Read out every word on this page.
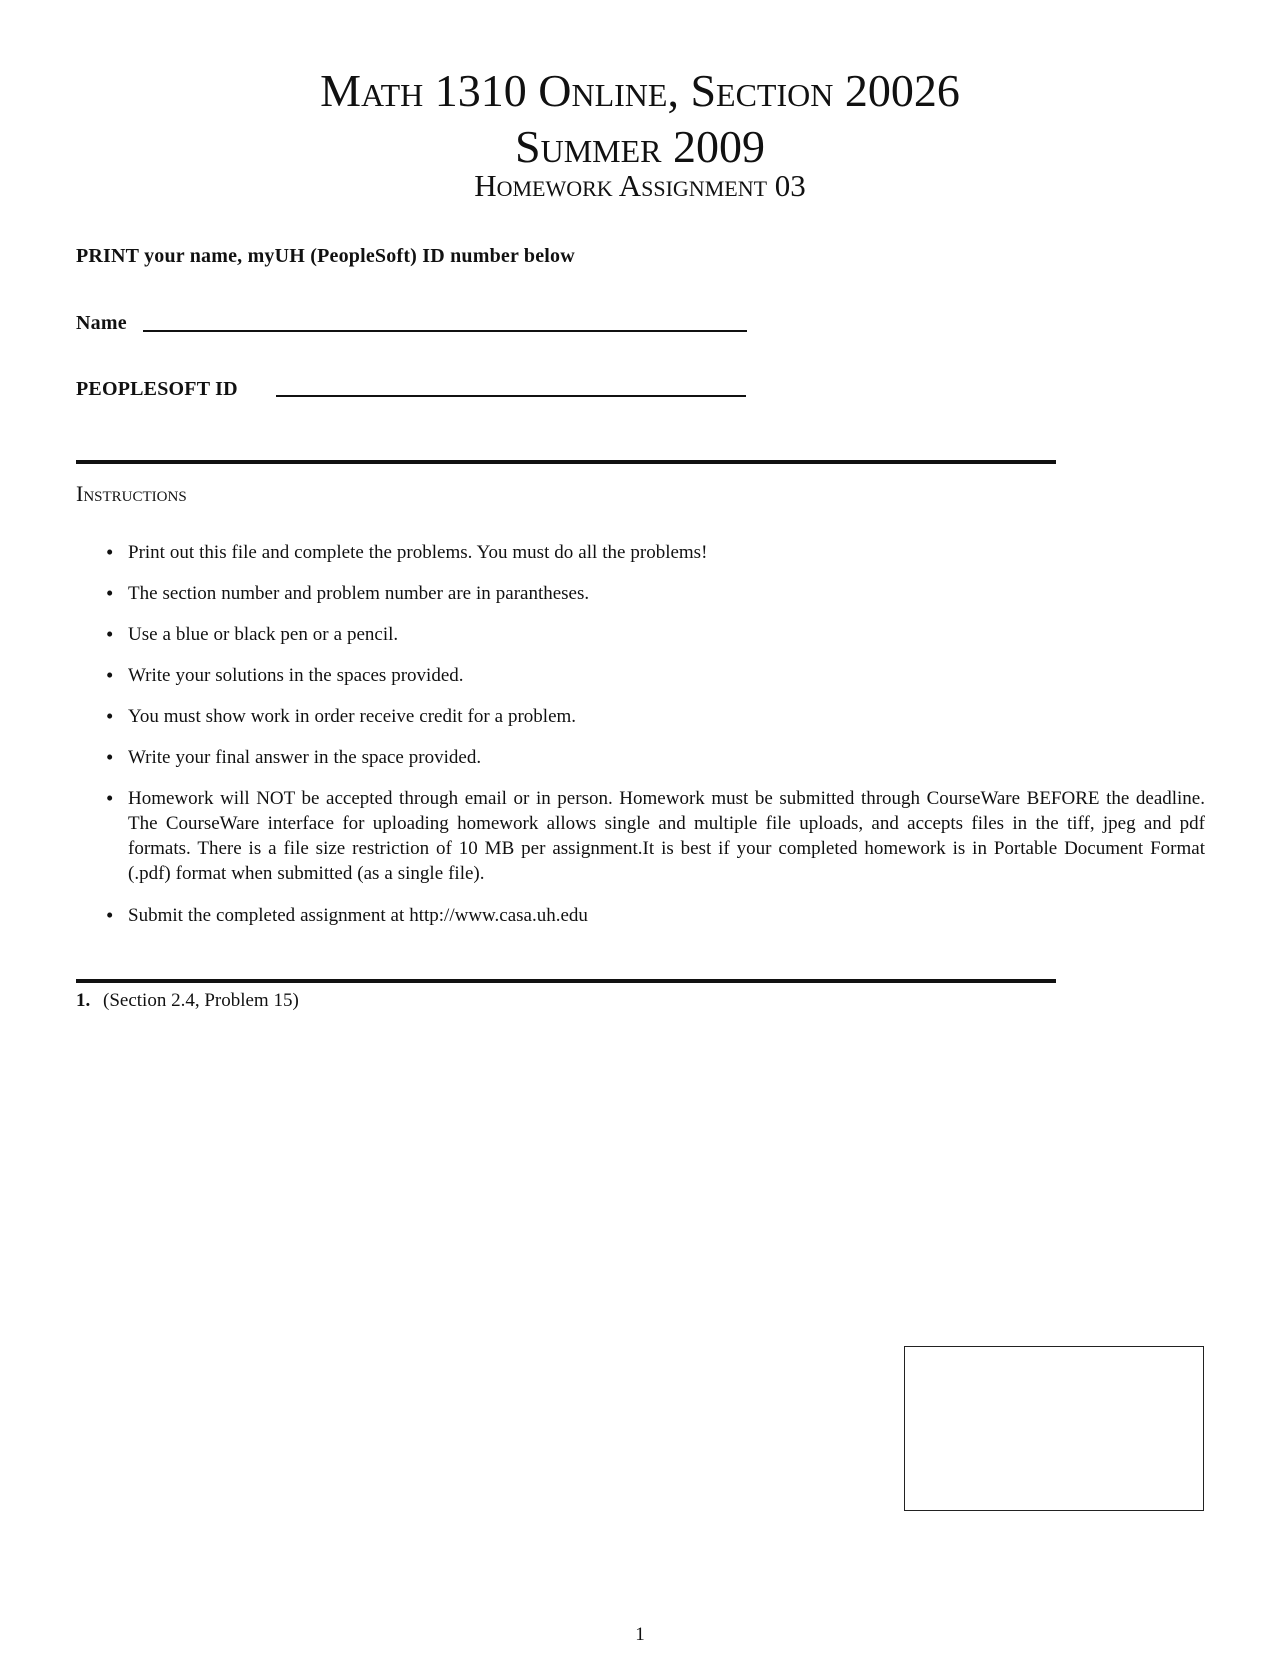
Math 1310 Online, Section 20026
Summer 2009
Homework Assignment 03
PRINT your name, myUH (PeopleSoft) ID number below
Name
PEOPLESOFT ID
Instructions
• Print out this file and complete the problems. You must do all the problems!
• The section number and problem number are in parantheses.
• Use a blue or black pen or a pencil.
• Write your solutions in the spaces provided.
• You must show work in order receive credit for a problem.
• Write your final answer in the space provided.
• Homework will NOT be accepted through email or in person. Homework must be submitted through CourseWare BEFORE the deadline. The CourseWare interface for uploading homework allows single and multiple file uploads, and accepts files in the tiff, jpeg and pdf formats. There is a file size restriction of 10 MB per assignment.It is best if your completed homework is in Portable Document Format (.pdf) format when submitted (as a single file).
• Submit the completed assignment at http://www.casa.uh.edu
1. (Section 2.4, Problem 15)
1
